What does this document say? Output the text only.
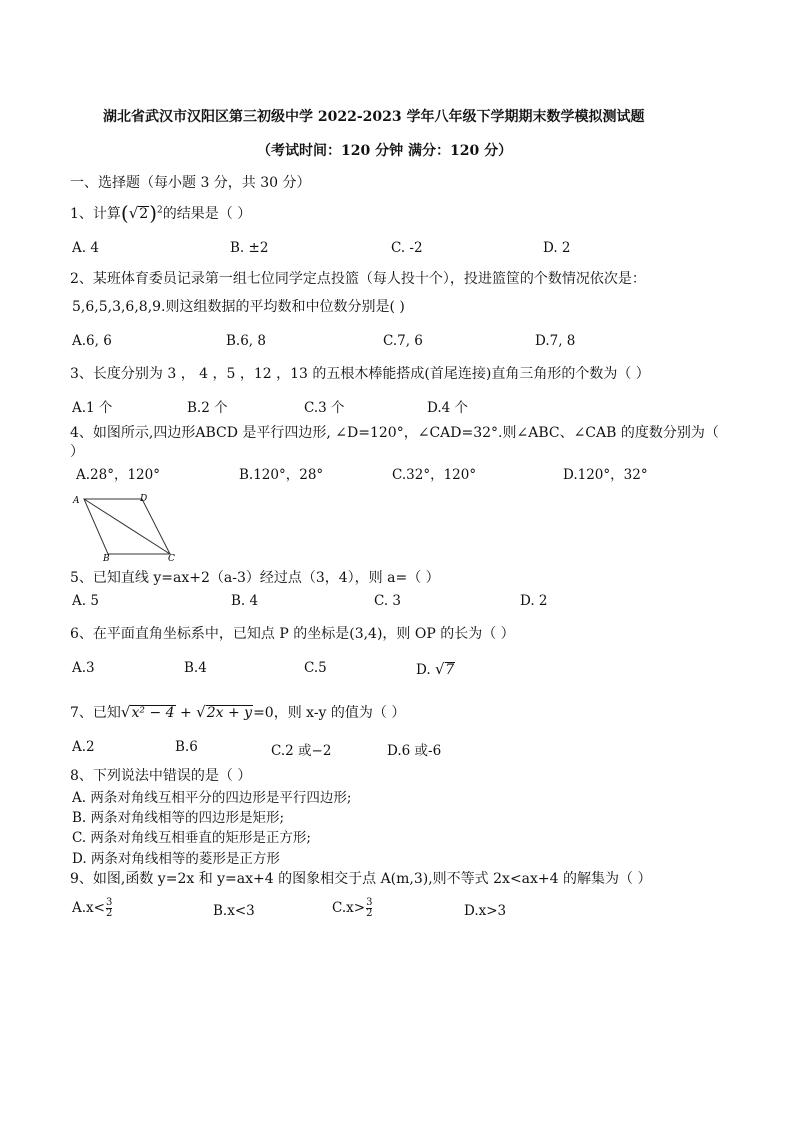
湖北省武汉市汉阳区第三初级中学 2022-2023 学年八年级下学期期末数学模拟测试题
（考试时间：120 分钟 满分：120 分）
一、选择题（每小题 3 分，共 30 分）
1、计算$(√2)^2$的结果是（ ）
A. 4	B. ±2	C. -2	D. 2
2、某班体育委员记录第一组七位同学定点投篮（每人投十个），投进篮筐的个数情况依次是：
5,6,5,3,6,8,9.则这组数据的平均数和中位数分别是( )
A.6, 6	B.6, 8	C.7, 6	D.7, 8
3、长度分别为 3 ， 4 ，5 ，12 ，13 的五根木棒能搭成(首尾连接)直角三角形的个数为（ ）
A.1 个	B.2 个	C.3 个	D.4 个
4、如图所示,四边形ABCD 是平行四边形, ∠D=120°，∠CAD=32°.则∠ABC、∠CAB 的度数分别为（
）
A.28°，120°	B.120°，28°	C.32°，120°	D.120°，32°
A	D
B	C
5、已知直线 y=ax+2（a-3）经过点（3，4），则 a=（ ）
A. 5	B. 4	C. 3	D. 2
6、在平面直角坐标系中，已知点 P 的坐标是(3,4)，则 OP 的长为（ ）
A.3	B.4	C.5	D. √7
7、已知√x² − 4 + √2x + y=0，则 x-y 的值为（ ）
A.2	B.6	C.2 或−2	D.6 或-6
8、下列说法中错误的是（ ）
A. 两条对角线互相平分的四边形是平行四边形;
B. 两条对角线相等的四边形是矩形;
C. 两条对角线互相垂直的矩形是正方形;
D. 两条对角线相等的菱形是正方形
9、如图,函数 y=2x 和 y=ax+4 的图象相交于点 A(m,3),则不等式 2x<ax+4 的解集为（ ）
$A.x< \frac{3}{2}$	B.x<3	$C.x> \frac{3}{2}$	D.x>3
